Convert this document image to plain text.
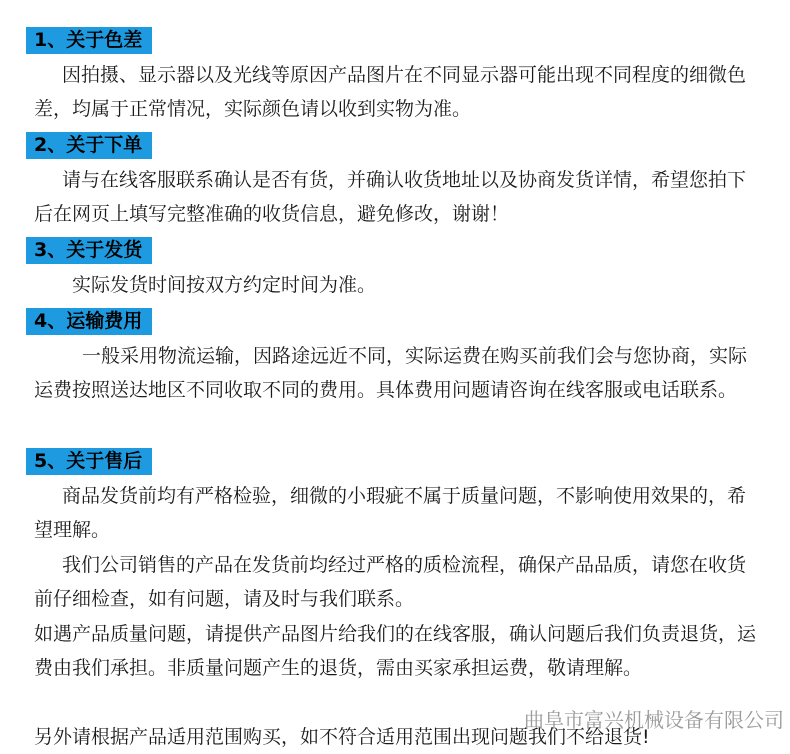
1、关于色差

因拍摄、显示器以及光线等原因产品图片在不同显示器可能出现不同程度的细微色差，均属于正常情况，实际颜色请以收到实物为准。

2、关于下单

请与在线客服联系确认是否有货，并确认收货地址以及协商发货详情，希望您拍下后在网页上填写完整准确的收货信息，避免修改，谢谢！

3、关于发货

实际发货时间按双方约定时间为准。

4、运输费用

一般采用物流运输，因路途远近不同，实际运费在购买前我们会与您协商，实际运费按照送达地区不同收取不同的费用。具体费用问题请咨询在线客服或电话联系。

5、关于售后

商品发货前均有严格检验，细微的小瑕疵不属于质量问题，不影响使用效果的，希望理解。

我们公司销售的产品在发货前均经过严格的质检流程，确保产品品质，请您在收货前仔细检查，如有问题，请及时与我们联系。

如遇产品质量问题，请提供产品图片给我们的在线客服，确认问题后我们负责退货，运费由我们承担。非质量问题产生的退货，需由买家承担运费，敬请理解。

另外请根据产品适用范围购买，如不符合适用范围出现问题我们不给退货!

曲阜市富兴机械设备有限公司
